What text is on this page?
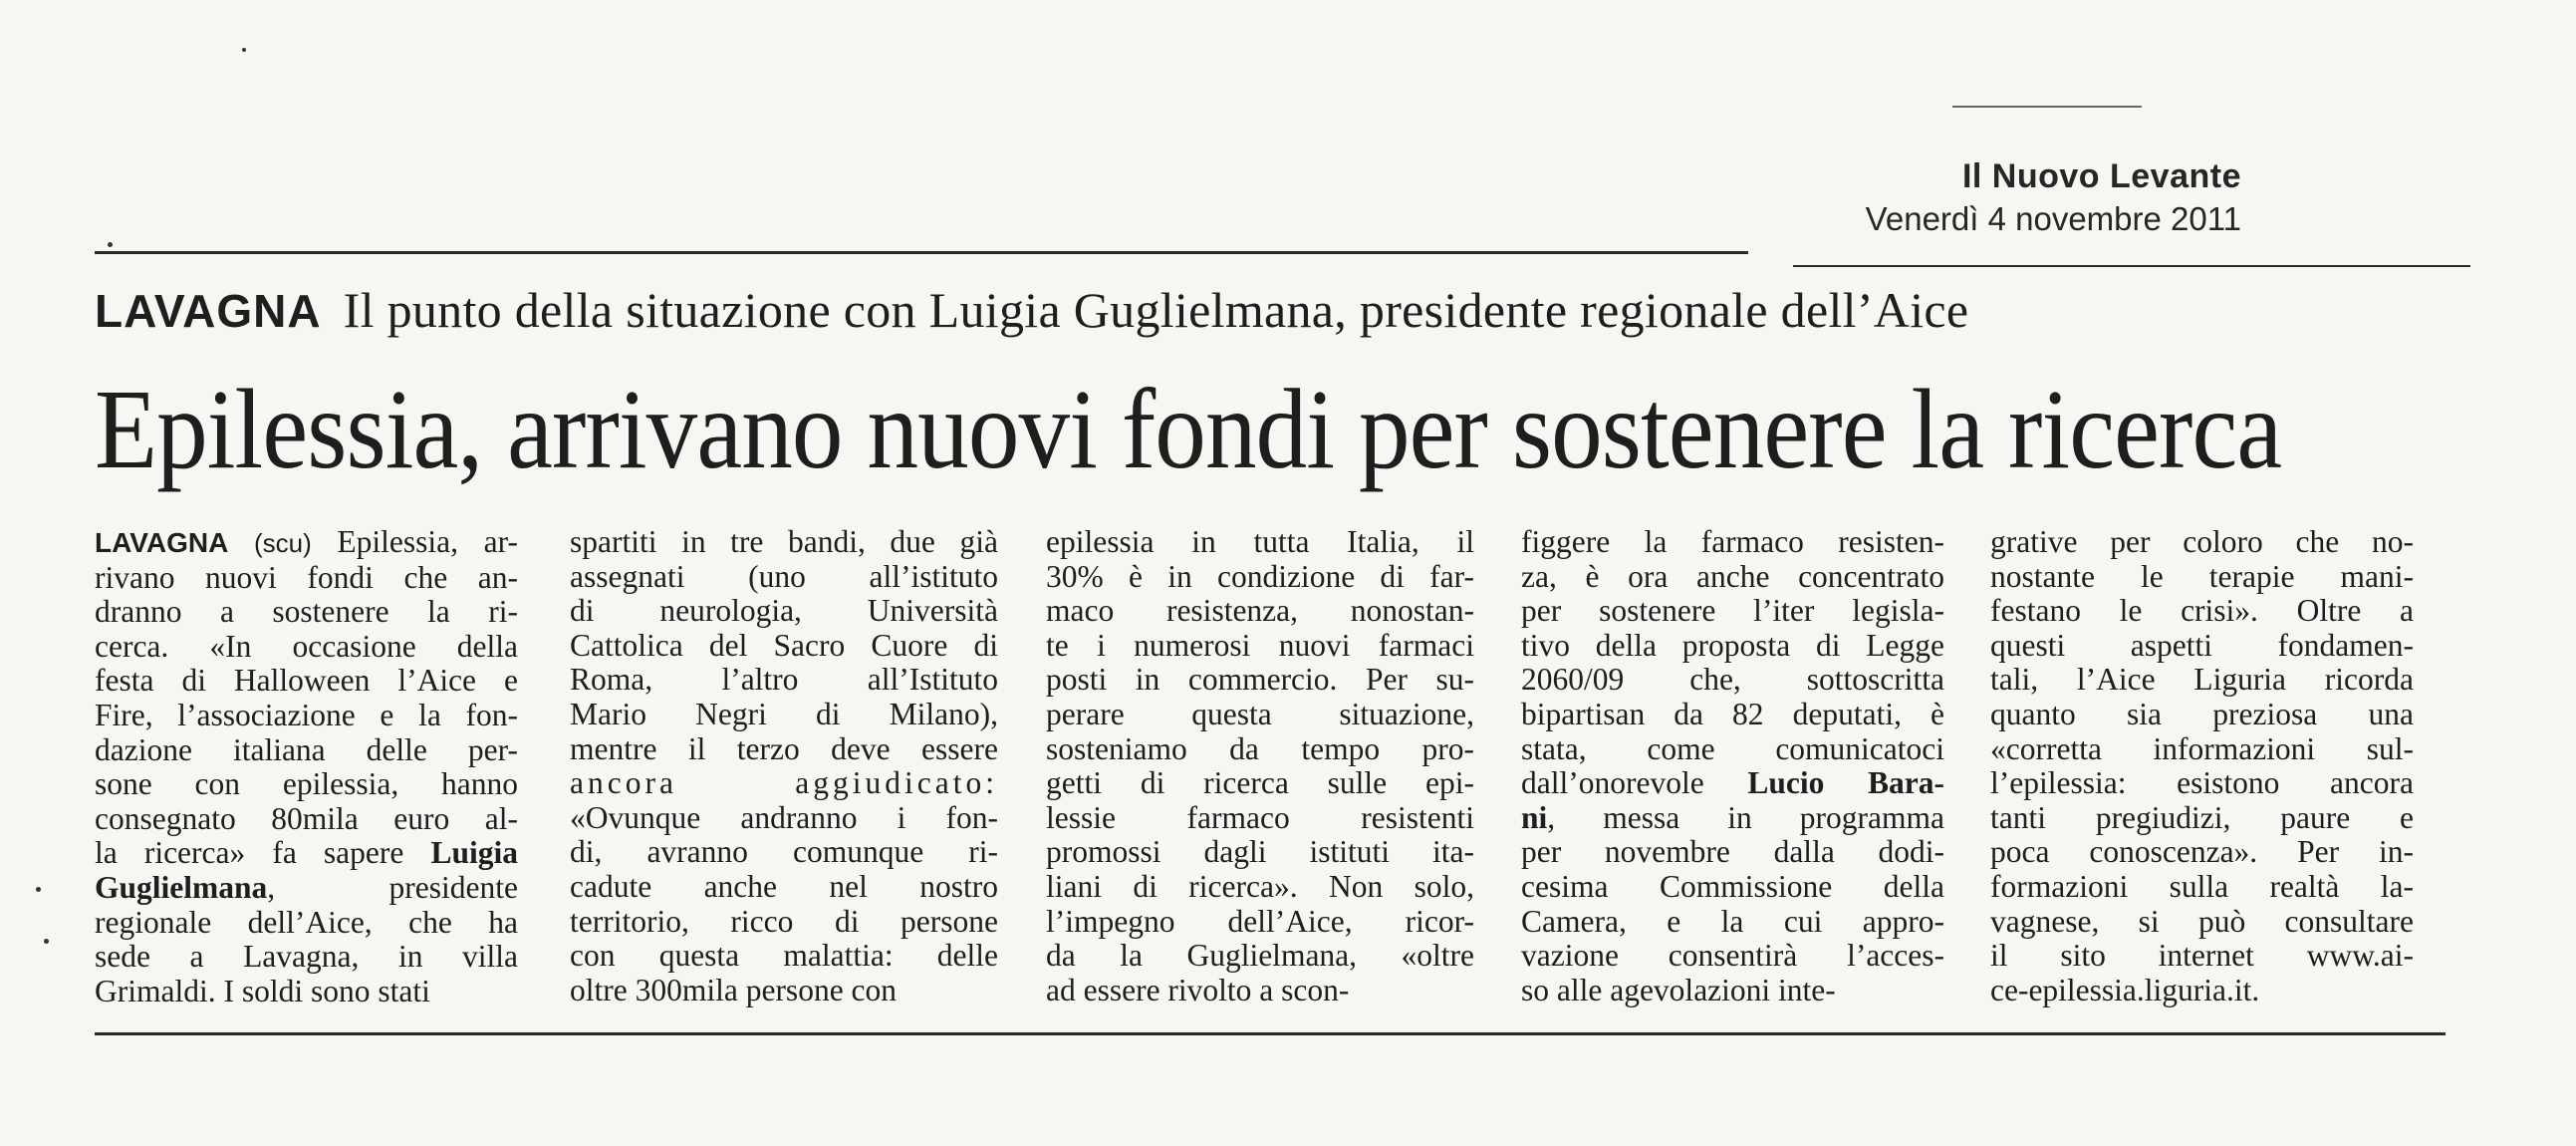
Il Nuovo Levante
Venerdì 4 novembre 2011
LAVAGNA Il punto della situazione con Luigia Guglielmana, presidente regionale dell’Aice
Epilessia, arrivano nuovi fondi per sostenere la ricerca
LAVAGNA (scu) Epilessia, ar-
rivano nuovi fondi che an-
dranno a sostenere la ri-
cerca. «In occasione della
festa di Halloween l’Aice e
Fire, l’associazione e la fon-
dazione italiana delle per-
sone con epilessia, hanno
consegnato 80mila euro al-
la ricerca» fa sapere Luigia
Guglielmana, presidente
regionale dell’Aice, che ha
sede a Lavagna, in villa
Grimaldi. I soldi sono stati
spartiti in tre bandi, due già
assegnati (uno all’istituto
di neurologia, Università
Cattolica del Sacro Cuore di
Roma, l’altro all’Istituto
Mario Negri di Milano),
mentre il terzo deve essere
ancora aggiudicato:
«Ovunque andranno i fon-
di, avranno comunque ri-
cadute anche nel nostro
territorio, ricco di persone
con questa malattia: delle
oltre 300mila persone con
epilessia in tutta Italia, il
30% è in condizione di far-
maco resistenza, nonostan-
te i numerosi nuovi farmaci
posti in commercio. Per su-
perare questa situazione,
sosteniamo da tempo pro-
getti di ricerca sulle epi-
lessie farmaco resistenti
promossi dagli istituti ita-
liani di ricerca». Non solo,
l’impegno dell’Aice, ricor-
da la Guglielmana, «oltre
ad essere rivolto a scon-
figgere la farmaco resisten-
za, è ora anche concentrato
per sostenere l’iter legisla-
tivo della proposta di Legge
2060/09 che, sottoscritta
bipartisan da 82 deputati, è
stata, come comunicatoci
dall’onorevole Lucio Bara-
ni, messa in programma
per novembre dalla dodi-
cesima Commissione della
Camera, e la cui appro-
vazione consentirà l’acces-
so alle agevolazioni inte-
grative per coloro che no-
nostante le terapie mani-
festano le crisi». Oltre a
questi aspetti fondamen-
tali, l’Aice Liguria ricorda
quanto sia preziosa una
«corretta informazioni sul-
l’epilessia: esistono ancora
tanti pregiudizi, paure e
poca conoscenza». Per in-
formazioni sulla realtà la-
vagnese, si può consultare
il sito internet www.ai-
ce-epilessia.liguria.it.
